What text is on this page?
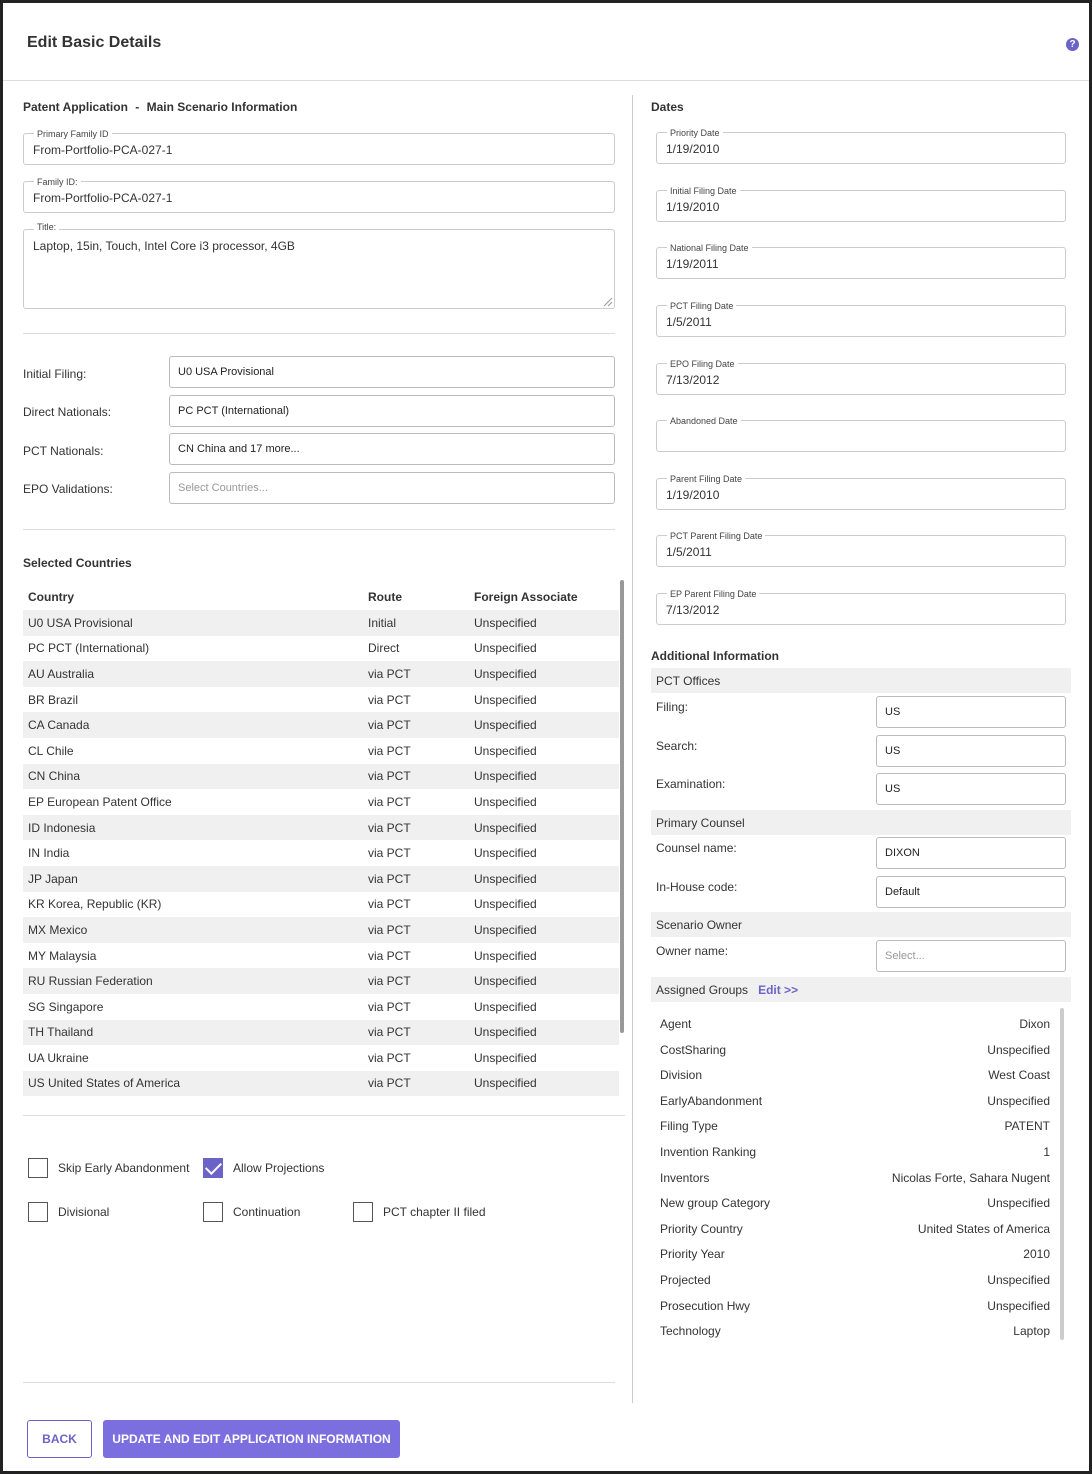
Edit Basic Details	?
Patent Application - Main Scenario Information
Primary Family ID
From-Portfolio-PCA-027-1
Family ID:
From-Portfolio-PCA-027-1
Title:
Laptop, 15in, Touch, Intel Core i3 processor, 4GB
Initial Filing:	U0 USA Provisional
Direct Nationals:	PC PCT (International)
PCT Nationals:	CN China and 17 more...
EPO Validations:	Select Countries...
Selected Countries
Country	Route	Foreign Associate
U0 USA Provisional	Initial	Unspecified
PC PCT (International)	Direct	Unspecified
AU Australia	via PCT	Unspecified
BR Brazil	via PCT	Unspecified
CA Canada	via PCT	Unspecified
CL Chile	via PCT	Unspecified
CN China	via PCT	Unspecified
EP European Patent Office	via PCT	Unspecified
ID Indonesia	via PCT	Unspecified
IN India	via PCT	Unspecified
JP Japan	via PCT	Unspecified
KR Korea, Republic (KR)	via PCT	Unspecified
MX Mexico	via PCT	Unspecified
MY Malaysia	via PCT	Unspecified
RU Russian Federation	via PCT	Unspecified
SG Singapore	via PCT	Unspecified
TH Thailand	via PCT	Unspecified
UA Ukraine	via PCT	Unspecified
US United States of America	via PCT	Unspecified
Skip Early Abandonment	Allow Projections
Divisional	Continuation	PCT chapter II filed
Dates
Priority Date
1/19/2010
Initial Filing Date
1/19/2010
National Filing Date
1/19/2011
PCT Filing Date
1/5/2011
EPO Filing Date
7/13/2012
Abandoned Date
Parent Filing Date
1/19/2010
PCT Parent Filing Date
1/5/2011
EP Parent Filing Date
7/13/2012
Additional Information
PCT Offices
Filing:	US
Search:	US
Examination:	US
Primary Counsel
Counsel name:	DIXON
In-House code:	Default
Scenario Owner
Owner name:	Select...
Assigned Groups Edit >>
Agent	Dixon
CostSharing	Unspecified
Division	West Coast
EarlyAbandonment	Unspecified
Filing Type	PATENT
Invention Ranking	1
Inventors	Nicolas Forte, Sahara Nugent
New group Category	Unspecified
Priority Country	United States of America
Priority Year	2010
Projected	Unspecified
Prosecution Hwy	Unspecified
Technology	Laptop
BACK	UPDATE AND EDIT APPLICATION INFORMATION
